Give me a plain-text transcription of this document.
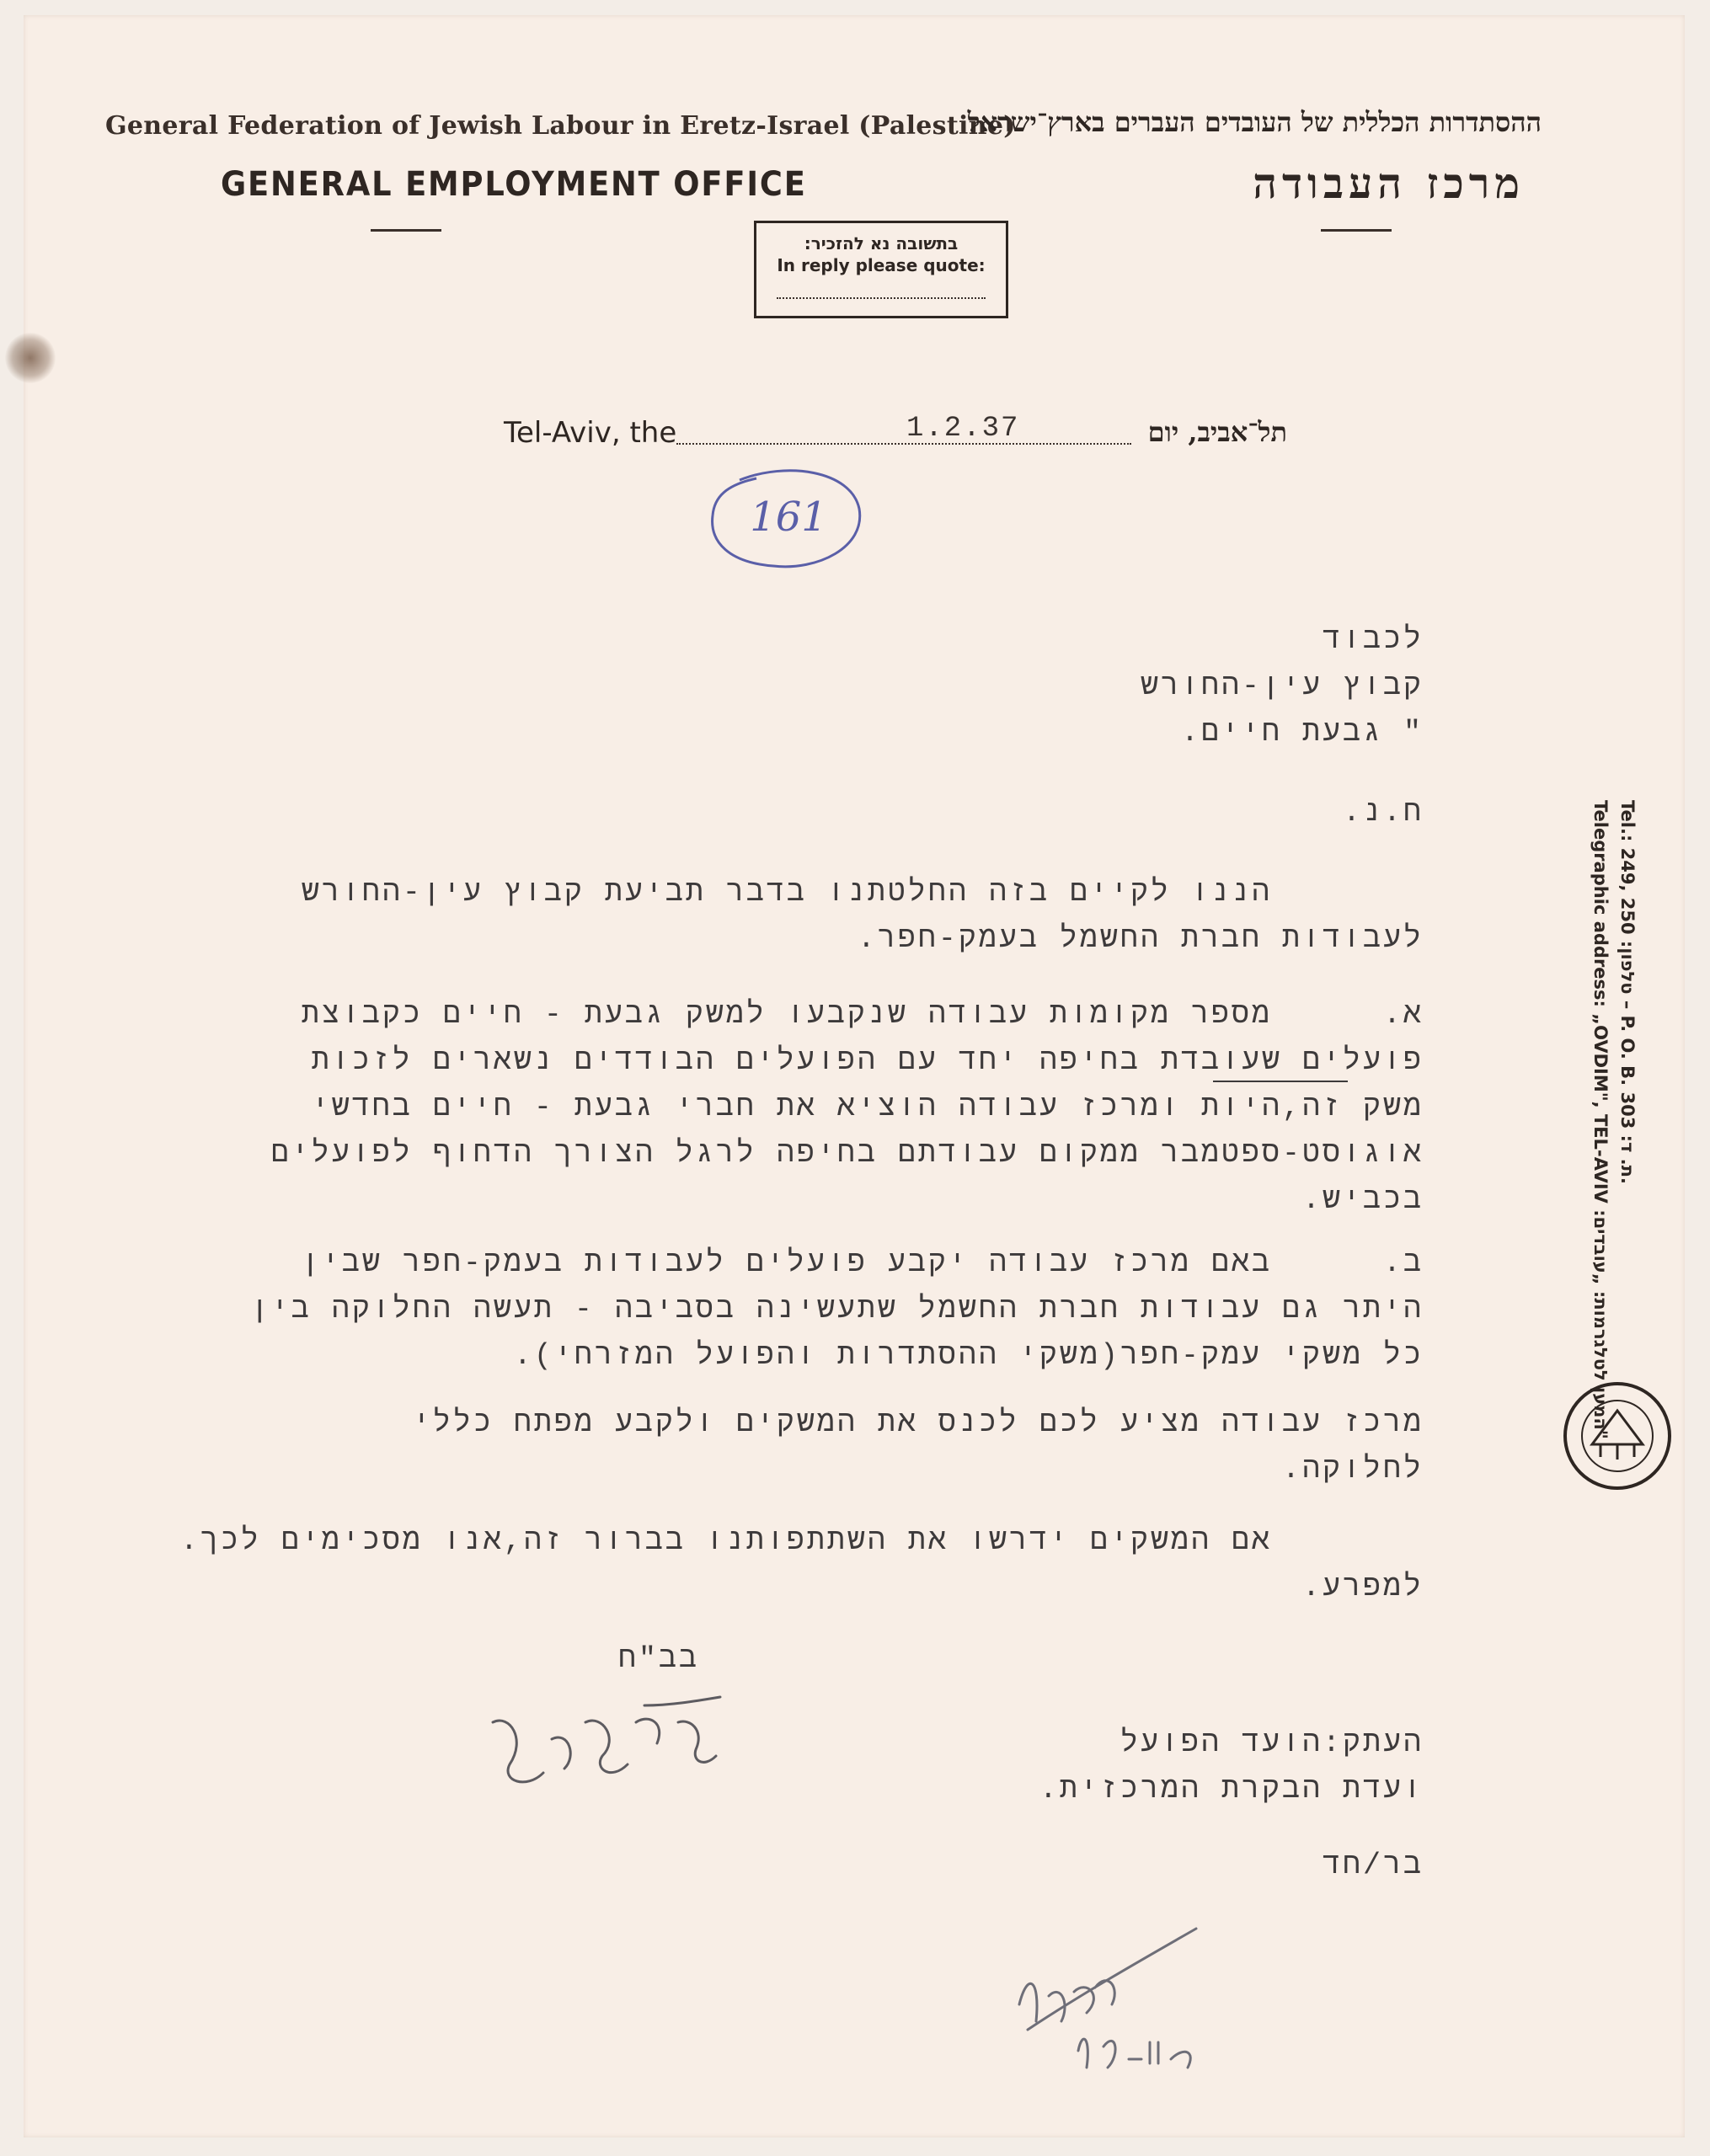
General Federation of Jewish Labour in Eretz-Israel (Palestine)
GENERAL EMPLOYMENT OFFICE
ההסתדרות הכללית של העובדים העברים בארץ־ישראל
מרכז העבודה
בתשובה נא להזכיר:
In reply please quote:
Tel-Aviv, the	1.2.37	תל־אביב, יום
161
לכבוד
קבוץ עין-החורש
" גבעת חיים.
ח.נ.
הננו לקיים בזה החלטתנו בדבר תביעת קבוץ עין-החורש
לעבודות חברת החשמל בעמק-חפר.
א.
מספר מקומות עבודה שנקבעו למשק גבעת - חיים כקבוצת
פועלים שעובדת בחיפה יחד עם הפועלים הבודדים נשארים לזכות
משק זה,היות ומרכז עבודה הוציא את חברי גבעת - חיים בחדשי
אוגוסט-ספטמבר ממקום עבודתם בחיפה לרגל הצורך הדחוף לפועלים
בכביש.
ב.
באם מרכז עבודה יקבע פועלים לעבודות בעמק-חפר שבין
היתר גם עבודות חברת החשמל שתעשינה בסביבה - תעשה החלוקה בין
כל משקי עמק-חפר(משקי ההסתדרות והפועל המזרחי).
מרכז עבודה מציע לכם לכנס את המשקים ולקבע מפתח כללי
לחלוקה.
אם המשקים ידרשו את השתתפותנו בברור זה,אנו מסכימים לכך.
למפרע.
בב"ח
העתק:הועד הפועל
ועדת הבקרת המרכזית.
בר/חד
Tel.: 249, 250 :טלפון – P. O. B. 303 :ת. ד.
Telegraphic address: „OVDIM", TEL-AVIV :המען לטלגרמות: „עובדים"
